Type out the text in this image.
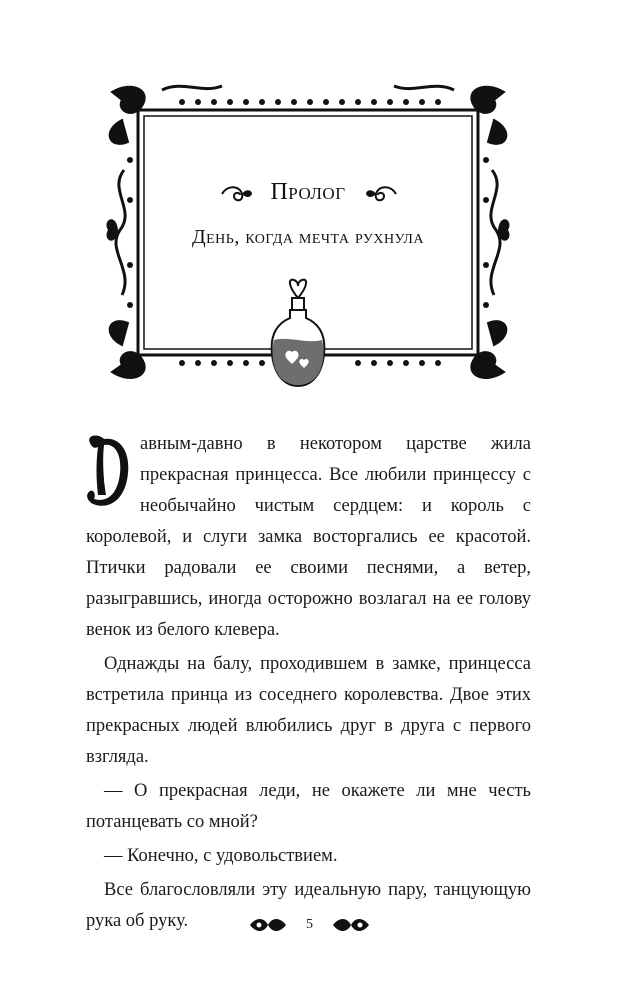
Пролог
День, когда мечта рухнула

авным-давно в некотором царстве жила прекрасная принцесса. Все любили принцессу с необычайно чистым сердцем: и король с королевой, и слуги замка восторгались ее красотой. Птички радовали ее своими песнями, а ветер, разыгравшись, иногда осторожно возлагал на ее голову венок из белого клевера.

Однажды на балу, проходившем в замке, принцесса встретила принца из соседнего королевства. Двое этих прекрасных людей влюбились друг в друга с первого взгляда.

— О прекрасная леди, не окажете ли мне честь потанцевать со мной?

— Конечно, с удовольствием.

Все благословляли эту идеальную пару, танцующую рука об руку.	5
